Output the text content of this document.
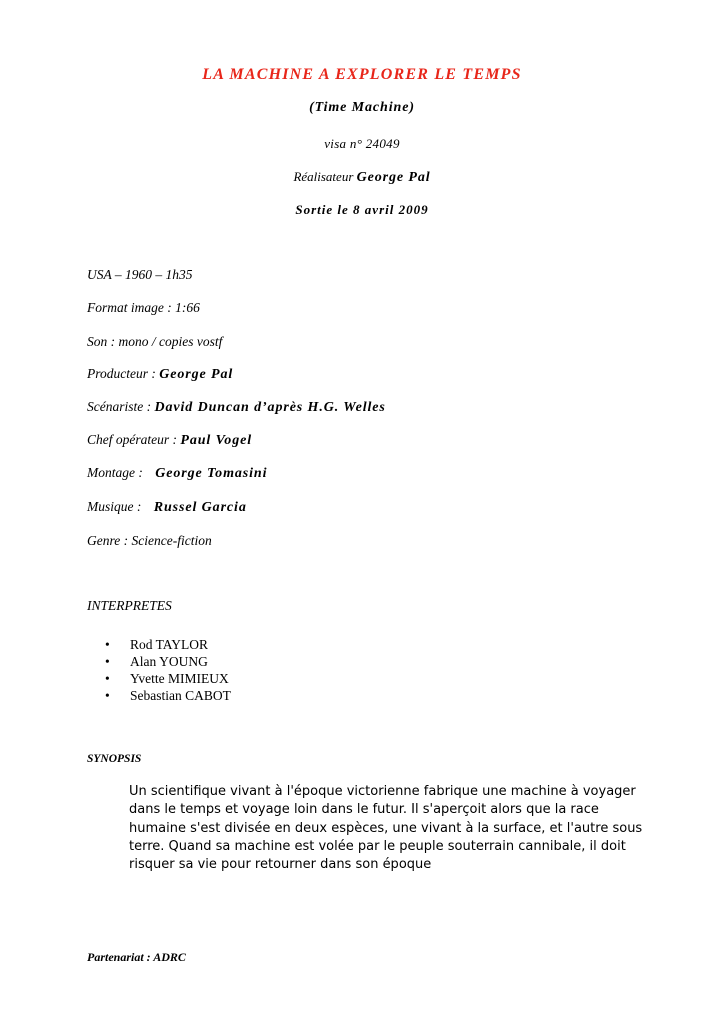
LA MACHINE A EXPLORER LE TEMPS
(Time Machine)
visa n° 24049
Réalisateur George Pal
Sortie le 8 avril 2009
USA – 1960 – 1h35
Format image : 1:66
Son : mono / copies vostf
Producteur : George Pal
Scénariste : David Duncan d’après H.G. Welles
Chef opérateur : Paul Vogel
Montage : George Tomasini
Musique : Russel Garcia
Genre : Science-fiction
INTERPRETES
• Rod TAYLOR
• Alan YOUNG
• Yvette MIMIEUX
• Sebastian CABOT
SYNOPSIS
Un scientifique vivant à l'époque victorienne fabrique une machine à voyager dans le temps et voyage loin dans le futur. Il s'aperçoit alors que la race humaine s'est divisée en deux espèces, une vivant à la surface, et l'autre sous terre. Quand sa machine est volée par le peuple souterrain cannibale, il doit risquer sa vie pour retourner dans son époque
Partenariat : ADRC
